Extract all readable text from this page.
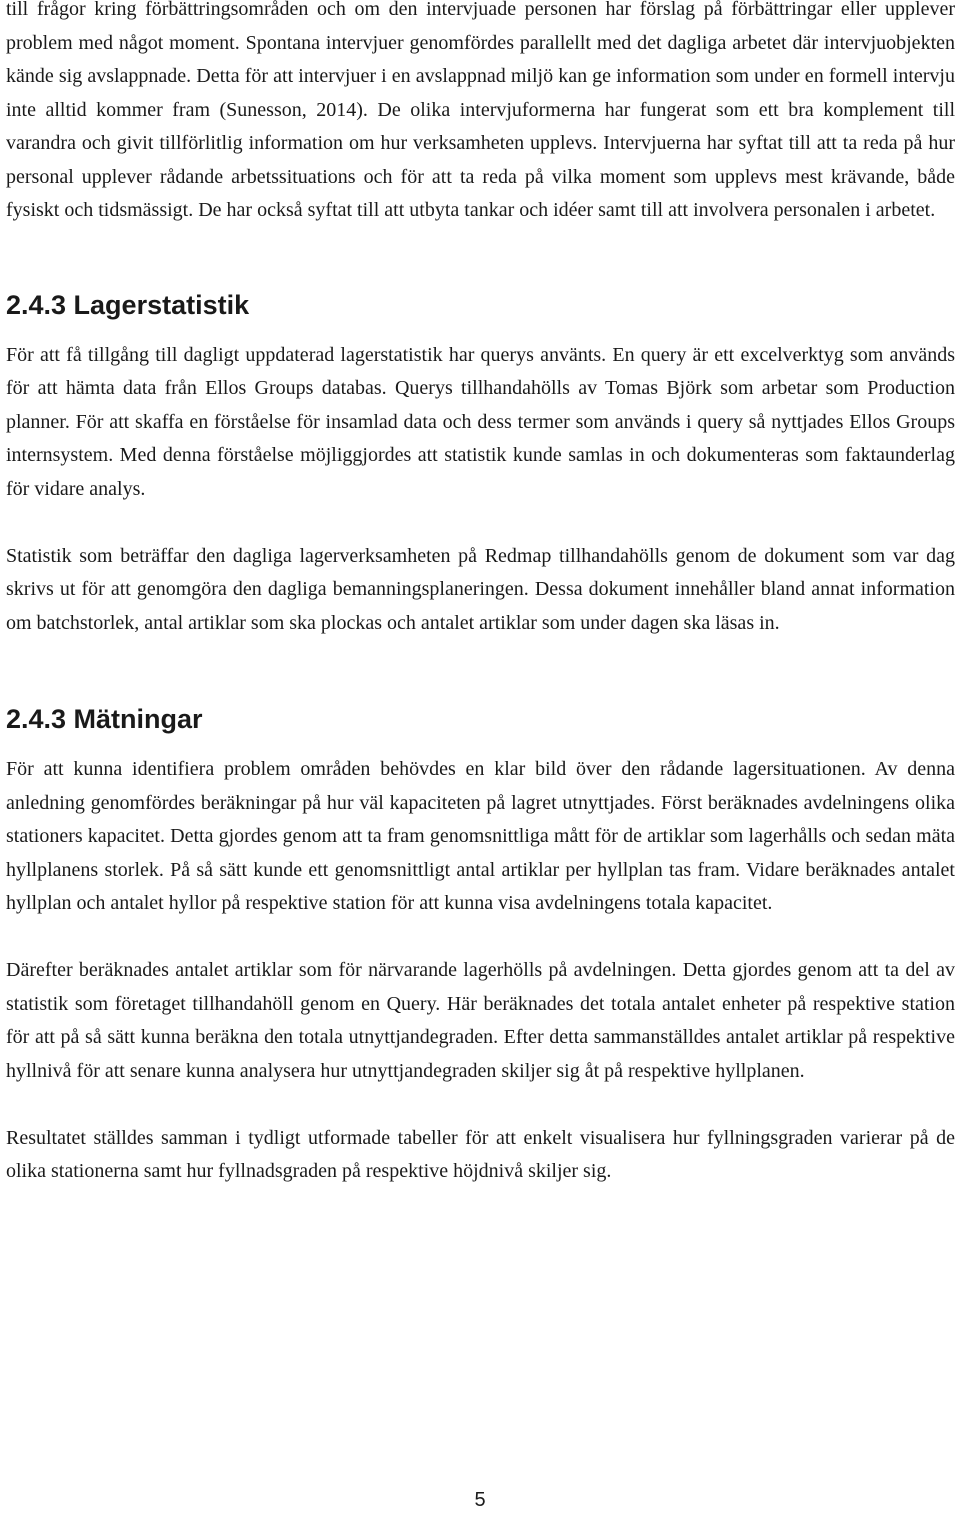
till frågor kring förbättringsområden och om den intervjuade personen har förslag på förbättringar eller upplever problem med något moment. Spontana intervjuer genomfördes parallellt med det dagliga arbetet där intervjuobjekten kände sig avslappnade. Detta för att intervjuer i en avslappnad miljö kan ge information som under en formell intervju inte alltid kommer fram (Sunesson, 2014). De olika intervjuformerna har fungerat som ett bra komplement till varandra och givit tillförlitlig information om hur verksamheten upplevs. Intervjuerna har syftat till att ta reda på hur personal upplever rådande arbetssituations och för att ta reda på vilka moment som upplevs mest krävande, både fysiskt och tidsmässigt. De har också syftat till att utbyta tankar och idéer samt till att involvera personalen i arbetet.

2.4.3 Lagerstatistik

För att få tillgång till dagligt uppdaterad lagerstatistik har querys använts. En query är ett excelverktyg som används för att hämta data från Ellos Groups databas. Querys tillhandahölls av Tomas Björk som arbetar som Production planner. För att skaffa en förståelse för insamlad data och dess termer som används i query så nyttjades Ellos Groups internsystem. Med denna förståelse möjliggjordes att statistik kunde samlas in och dokumenteras som faktaunderlag för vidare analys.

Statistik som beträffar den dagliga lagerverksamheten på Redmap tillhandahölls genom de dokument som var dag skrivs ut för att genomgöra den dagliga bemanningsplaneringen. Dessa dokument innehåller bland annat information om batchstorlek, antal artiklar som ska plockas och antalet artiklar som under dagen ska läsas in.

2.4.3 Mätningar

För att kunna identifiera problem områden behövdes en klar bild över den rådande lagersituationen. Av denna anledning genomfördes beräkningar på hur väl kapaciteten på lagret utnyttjades. Först beräknades avdelningens olika stationers kapacitet. Detta gjordes genom att ta fram genomsnittliga mått för de artiklar som lagerhålls och sedan mäta hyllplanens storlek. På så sätt kunde ett genomsnittligt antal artiklar per hyllplan tas fram. Vidare beräknades antalet hyllplan och antalet hyllor på respektive station för att kunna visa avdelningens totala kapacitet.

Därefter beräknades antalet artiklar som för närvarande lagerhölls på avdelningen. Detta gjordes genom att ta del av statistik som företaget tillhandahöll genom en Query. Här beräknades det totala antalet enheter på respektive station för att på så sätt kunna beräkna den totala utnyttjandegraden. Efter detta sammanställdes antalet artiklar på respektive hyllnivå för att senare kunna analysera hur utnyttjandegraden skiljer sig åt på respektive hyllplanen.

Resultatet ställdes samman i tydligt utformade tabeller för att enkelt visualisera hur fyllningsgraden varierar på de olika stationerna samt hur fyllnadsgraden på respektive höjdnivå skiljer sig.

5
